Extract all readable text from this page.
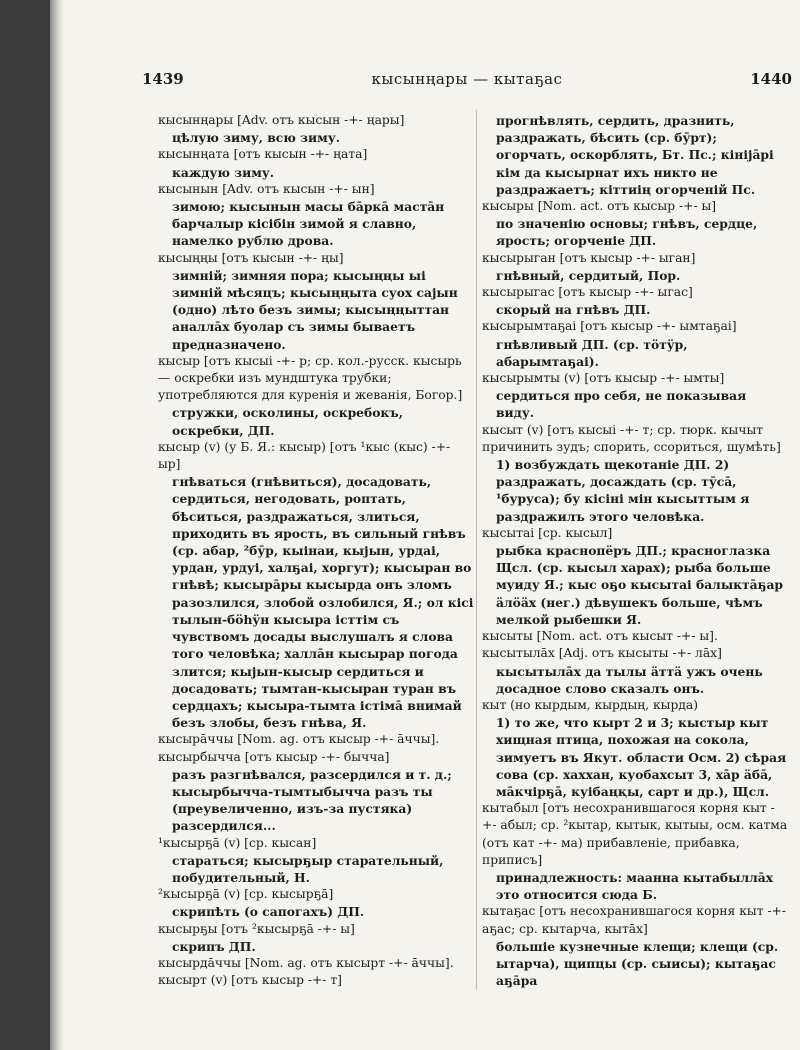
кысынңары — кытаҕас
1439	1440
кысынңары [Adv. отъ кысын -+- ңары]
цѣлую зиму, всю зиму.
кысынңата [отъ кысын -+- ңата]
каждую зиму.
кысынын [Adv. отъ кысын -+- ын]
зимою; кысынын масы бāркā мастāн барчалыр кісібін зимой я славно, намелко рублю дрова.
кысыңңы [отъ кысын -+- ңы]
зимній; зимняя пора; кысыңңы ыі зимній мѣсяцъ; кысыңңыта суох сајын (одно) лѣто безъ зимы; кысыңңыттан аналлāх буолар съ зимы бываетъ предназначено.
кысыр [отъ кысыі -+- р; ср. кол.-русск. кысырь — оскребки изъ мундштука трубки; употребляются для куренія и жеванія, Богор.]
стружки, осколины, оскребокъ, оскребки, ДП.
кысыр (v) (у Б. Я.: кысыр) [отъ ¹кыс (кыс) -+- ыр]
гнѣваться (гнѣвиться), досадовать, сердиться, негодовать, роптать, бѣситься, раздражаться, злиться, приходить въ ярость, въ сильный гнѣвъ (ср. абар, ²бӯр, кыінаи, кыјын, урдаі, урдан, урдуі, халҕаі, хоргут); кысыран во гнѣвѣ; кысырāры кысырда онъ зломъ разозлился, злобой озлобился, Я.; ол кісі тылын-бӧһӱн кысыра істтім съ чувствомъ досады выслушалъ я слова того человѣка; халлāн кысырар погода злится; кыјын-кысыр сердиться и досадовать; тымтан-кысыран туран въ сердцахъ; кысыра-тымта істімā внимай безъ злобы, безъ гнѣва, Я.
кысырāччы [Nom. ag. отъ кысыр -+- āччы].
кысырбычча [отъ кысыр -+- бычча]
разъ разгнѣвался, разсердился и т. д.; кысырбычча-тымтыбычча разъ ты (преувеличенно, изъ-за пустяка) разсердился...
¹кысырҕā (v) [ср. кысан]
стараться; кысырҕыр старательный, побудительный, Н.
²кысырҕā (v) [ср. кысырҕā]
скрипѣть (о сапогахъ) ДП.
кысырҕы [отъ ²кысырҕā -+- ы]
скрипъ ДП.
кысырдāччы [Nom. ag. отъ кысырт -+- āччы].
кысырт (v) [отъ кысыр -+- т]
прогнѣвлять, сердить, дразнить, раздражать, бѣсить (ср. бӯрт); огорчать, оскорблять, Бт. Пс.; кініјāрі кім да кысырнат ихъ никто не раздражаетъ; кіттиің огорченій Пс.
кысыры [Nom. act. отъ кысыр -+- ы]
по значенію основы; гнѣвъ, сердце, ярость; огорченіе ДП.
кысырыган [отъ кысыр -+- ыган]
гнѣвный, сердитый, Пор.
кысырыгас [отъ кысыр -+- ыгас]
скорый на гнѣвъ ДП.
кысырымтаҕаі [отъ кысыр -+- ымтаҕаі]
гнѣвливый ДП. (ср. тӧтӱр, абарымтаҕаі).
кысырымты (v) [отъ кысыр -+- ымты]
сердиться про себя, не показывая виду.
кысыт (v) [отъ кысыі -+- т; ср. тюрк. кычыт причинить зудъ; спорить, ссориться, шумѣть]
1) возбуждать щекотаніе ДП. 2) раздражать, досаждать (ср. тӯсā, ¹буруса); бу кісіні мін кысыттым я раздражилъ этого человѣка.
кысытаі [ср. кысыл]
рыбка краснопёръ ДП.; красноглазка Щсл. (ср. кысыл харах); рыба больше муиду Я.; кыс оҕо кысытаі балыктāҕар äлöäх (нег.) дѣвушекъ больше, чѣмъ мелкой рыбешки Я.
кысыты [Nom. act. отъ кысыт -+- ы].
кысытылāх [Adj. отъ кысыты -+- лāх]
кысытылāх да тылы äттä ужъ очень досадное слово сказалъ онъ.
кыт (но кырдым, кырдың, кырда)
1) то же, что кырт 2 и 3; кыстыр кыт хищная птица, похожая на сокола, зимуетъ въ Якут. области Осм. 2) сѣрая сова (ср. хаххан, куобахсыт 3, хāр äбā, мāкчірҕā, куібаңқы, сарт и др.), Щсл.
кытабыл [отъ несохранившагося корня кыт -+- абыл; ср. ²кытар, кытык, кытыы, осм. катма (отъ кат -+- ма) прибавленіе, прибавка, приписъ]
принадлежность: мааннa кытабыллāх это относится сюда Б.
кытаҕас [отъ несохранившагося корня кыт -+- аҕас; ср. кытарча, кытāх]
большіе кузнечные клещи; клещи (ср. ытарча), щипцы (ср. сыисы); кытаҕас аҕāра
